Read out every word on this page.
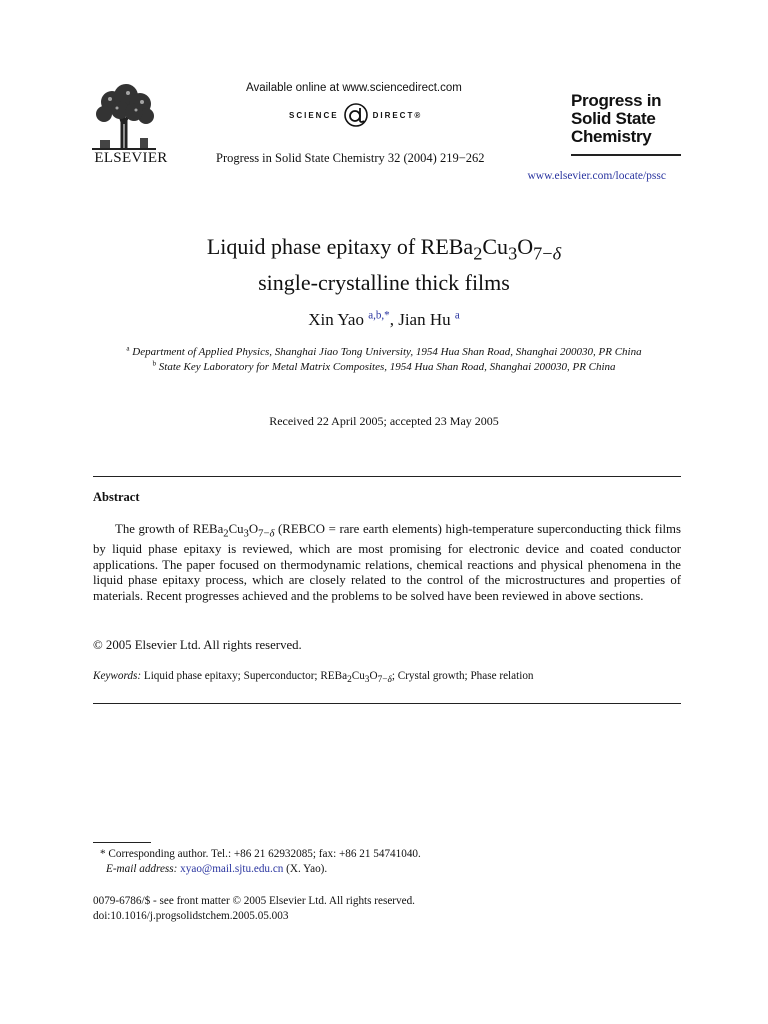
ELSEVIER
Available online at www.sciencedirect.com
SCIENCE	DIRECT®
Progress in Solid State Chemistry 32 (2004) 219−262
Progress in
Solid State
Chemistry
www.elsevier.com/locate/pssc
Liquid phase epitaxy of $REBa_2Cu_3O_{7-\delta}$
single-crystalline thick films
Xin Yao $^{a,b,*}$, Jian Hu $^a$
$^a$ Department of Applied Physics, Shanghai Jiao Tong University, 1954 Hua Shan Road, Shanghai 200030, PR China
$^b$ State Key Laboratory for Metal Matrix Composites, 1954 Hua Shan Road, Shanghai 200030, PR China
Received 22 April 2005; accepted 23 May 2005
Abstract

The growth of $REBa_2Cu_3O_{7-\delta}$ (REBCO = rare earth elements) high-temperature superconducting thick films by liquid phase epitaxy is reviewed, which are most promising for electronic device and coated conductor applications. The paper focused on thermodynamic relations, chemical reactions and physical phenomena in the liquid phase epitaxy process, which are closely related to the control of the microstructures and properties of materials. Recent progresses achieved and the problems to be solved have been reviewed in above sections.

© 2005 Elsevier Ltd. All rights reserved.
Keywords: Liquid phase epitaxy; Superconductor; $REBa_2Cu_3O_{7-\delta}$; Crystal growth; Phase relation
* Corresponding author. Tel.: +86 21 62932085; fax: +86 21 54741040.
E-mail address: xyao@mail.sjtu.edu.cn (X. Yao).
0079-6786/$ - see front matter © 2005 Elsevier Ltd. All rights reserved.
doi:10.1016/j.progsolidstchem.2005.05.003
